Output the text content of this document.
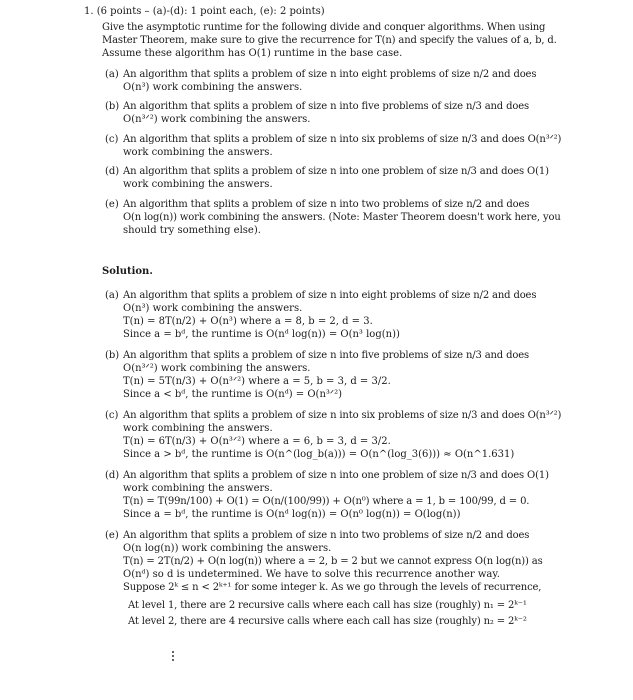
1. (6 points – (a)-(d): 1 point each, (e): 2 points)
Give the asymptotic runtime for the following divide and conquer algorithms. When using
Master Theorem, make sure to give the recurrence for T(n) and specify the values of a, b, d.
Assume these algorithm has O(1) runtime in the base case.
(a) An algorithm that splits a problem of size n into eight problems of size n/2 and does
O(n³) work combining the answers.
(b) An algorithm that splits a problem of size n into five problems of size n/3 and does
O(n³ᐟ²) work combining the answers.
(c) An algorithm that splits a problem of size n into six problems of size n/3 and does O(n³ᐟ²)
work combining the answers.
(d) An algorithm that splits a problem of size n into one problem of size n/3 and does O(1)
work combining the answers.
(e) An algorithm that splits a problem of size n into two problems of size n/2 and does
O(n log(n)) work combining the answers. (Note: Master Theorem doesn't work here, you
should try something else).
Solution.
(a) An algorithm that splits a problem of size n into eight problems of size n/2 and does
O(n³) work combining the answers.
T(n) = 8T(n/2) + O(n³) where a = 8, b = 2, d = 3.
Since a = bᵈ, the runtime is O(nᵈ log(n)) = O(n³ log(n))
(b) An algorithm that splits a problem of size n into five problems of size n/3 and does
O(n³ᐟ²) work combining the answers.
T(n) = 5T(n/3) + O(n³ᐟ²) where a = 5, b = 3, d = 3/2.
Since a < bᵈ, the runtime is O(nᵈ) = O(n³ᐟ²)
(c) An algorithm that splits a problem of size n into six problems of size n/3 and does O(n³ᐟ²)
work combining the answers.
T(n) = 6T(n/3) + O(n³ᐟ²) where a = 6, b = 3, d = 3/2.
Since a > bᵈ, the runtime is O(n^(log_b(a))) = O(n^(log_3(6))) ≈ O(n^1.631)
(d) An algorithm that splits a problem of size n into one problem of size n/3 and does O(1)
work combining the answers.
T(n) = T(99n/100) + O(1) = O(n/(100/99)) + O(n⁰) where a = 1, b = 100/99, d = 0.
Since a = bᵈ, the runtime is O(nᵈ log(n)) = O(n⁰ log(n)) = O(log(n))
(e) An algorithm that splits a problem of size n into two problems of size n/2 and does
O(n log(n)) work combining the answers.
T(n) = 2T(n/2) + O(n log(n)) where a = 2, b = 2 but we cannot express O(n log(n)) as
O(nᵈ) so d is undetermined. We have to solve this recurrence another way.
Suppose 2ᵏ ≤ n < 2ᵏ⁺¹ for some integer k. As we go through the levels of recurrence,
At level 1, there are 2 recursive calls where each call has size (roughly) n₁ = 2ᵏ⁻¹
At level 2, there are 4 recursive calls where each call has size (roughly) n₂ = 2ᵏ⁻²
